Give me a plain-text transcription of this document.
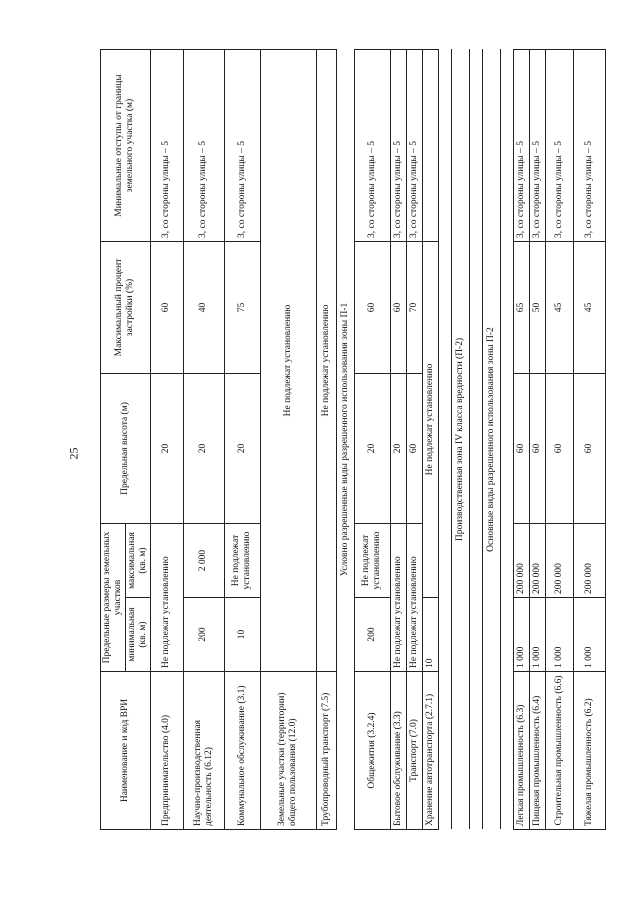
25
Наименование и код ВРИ	Предельные размеры земельных участков		Предельная высота (м)	Максимальный процент застройки (%)	Минимальные отступы от границы земельного участка (м)
	минимальная (кв. м)	максимальная (кв. м)			
Предпринимательство (4.0)	Не подлежат установлению		20	60	3, со стороны улицы – 5
Научно-производственная деятельность (6.12)	200	2 000	20	40	3, со стороны улицы – 5
Коммунальное обслуживание (3.1)	10	Не подлежат установлению	20	75	3, со стороны улицы – 5
Земельные участки (территории) общего пользования (12.0)	Не подлежат установлению				
Трубопроводный транспорт (7.5)	Не подлежат установлению				
Условно разрешенные виды разрешенного использования зоны П-1					
Общежития (3.2.4)	200	Не подлежат установлению	20	60	3, со стороны улицы – 5
Бытовое обслуживание (3.3)	Не подлежат установлению		20	60	3, со стороны улицы – 5
Транспорт (7.0)	Не подлежат установлению		60	70	3, со стороны улицы – 5
Хранение автотранспорта (2.7.1)	10	Не подлежат установлению			

Производственная зона IV класса вредности (П-2)					

Основные виды разрешенного использования зоны П-2					

Легкая промышленность (6.3)	1 000	200 000	60	65	3, со стороны улицы – 5
Пищевая промышленность (6.4)	1 000	200 000	60	50	3, со стороны улицы – 5
Строительная промышленность (6.6)	1 000	200 000	60	45	3, со стороны улицы – 5
Тяжелая промышленность (6.2)	1 000	200 000	60	45	3, со стороны улицы – 5
